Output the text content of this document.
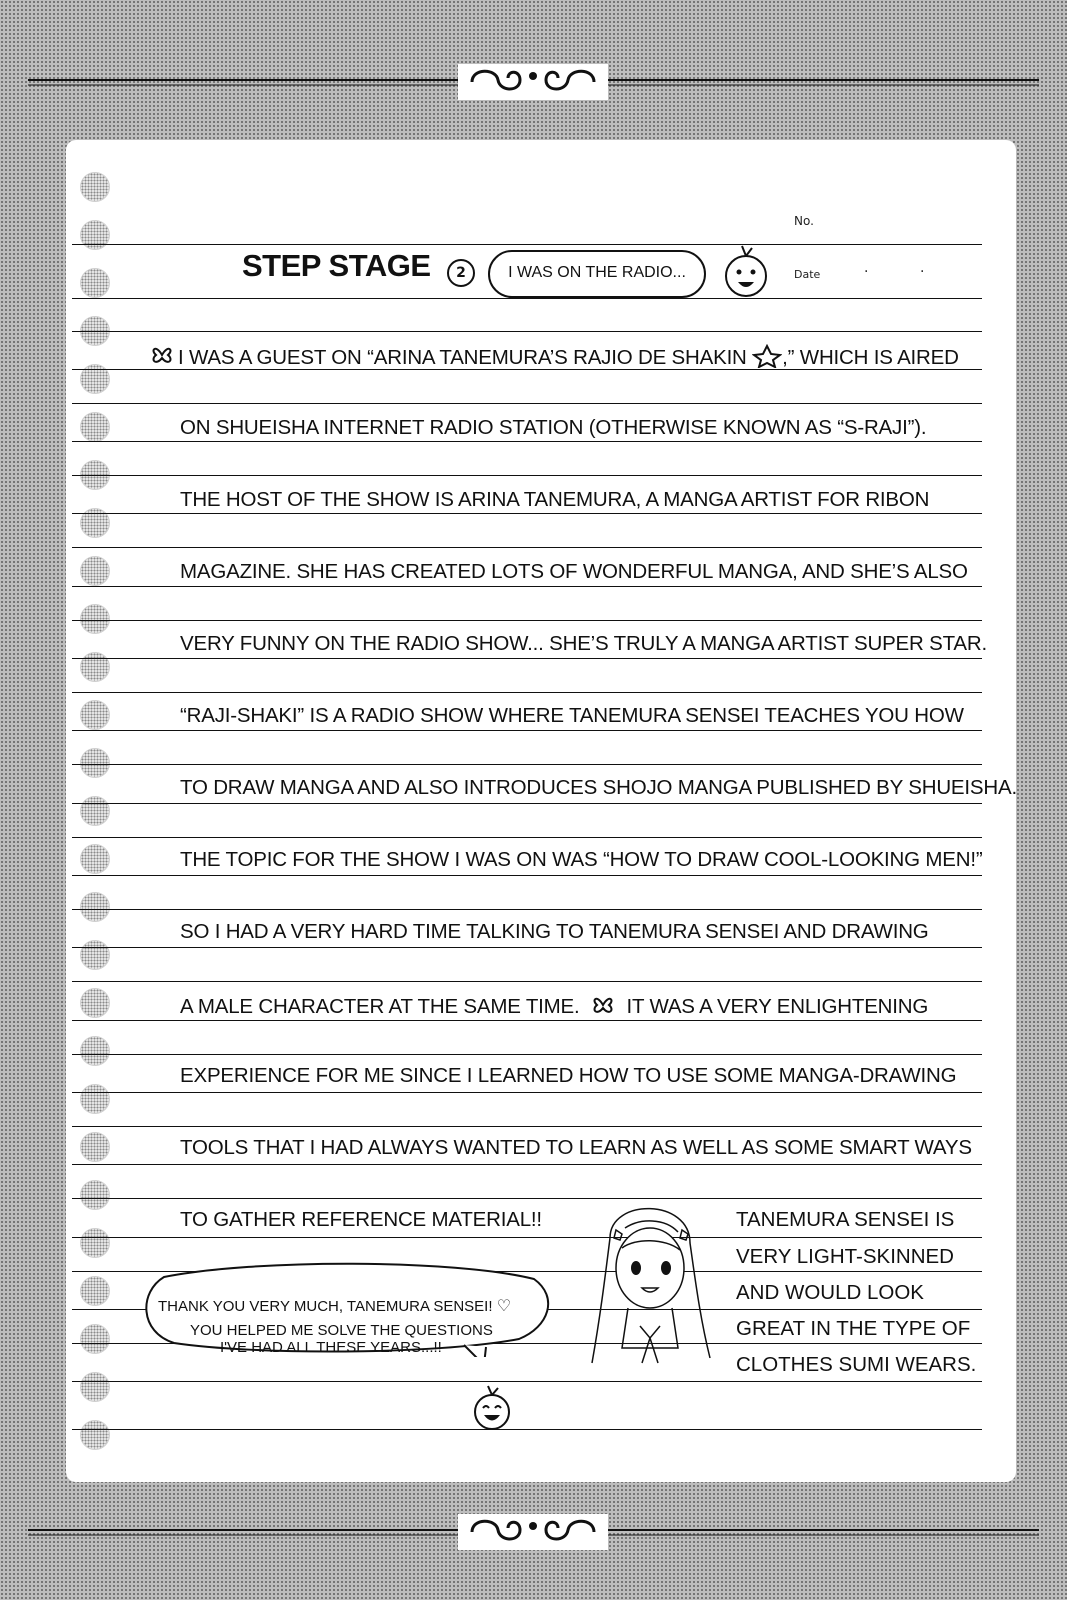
No.
Date	·	·
STEP STAGE	2	I WAS ON THE RADIO...
I WAS A GUEST ON “ARINA TANEMURA’S RAJIO DE SHAKIN ,” WHICH IS AIRED
ON SHUEISHA INTERNET RADIO STATION (OTHERWISE KNOWN AS “S-RAJI”).
THE HOST OF THE SHOW IS ARINA TANEMURA, A MANGA ARTIST FOR RIBON
MAGAZINE. SHE HAS CREATED LOTS OF WONDERFUL MANGA, AND SHE’S ALSO
VERY FUNNY ON THE RADIO SHOW... SHE’S TRULY A MANGA ARTIST SUPER STAR.
“RAJI-SHAKI” IS A RADIO SHOW WHERE TANEMURA SENSEI TEACHES YOU HOW
TO DRAW MANGA AND ALSO INTRODUCES SHOJO MANGA PUBLISHED BY SHUEISHA.
THE TOPIC FOR THE SHOW I WAS ON WAS “HOW TO DRAW COOL-LOOKING MEN!”
SO I HAD A VERY HARD TIME TALKING TO TANEMURA SENSEI AND DRAWING
A MALE CHARACTER AT THE SAME TIME. IT WAS A VERY ENLIGHTENING
EXPERIENCE FOR ME SINCE I LEARNED HOW TO USE SOME MANGA-DRAWING
TOOLS THAT I HAD ALWAYS WANTED TO LEARN AS WELL AS SOME SMART WAYS
TO GATHER REFERENCE MATERIAL!!	TANEMURA SENSEI IS
VERY LIGHT-SKINNED
AND WOULD LOOK
GREAT IN THE TYPE OF
CLOTHES SUMI WEARS.
THANK YOU VERY MUCH, TANEMURA SENSEI! ♡
YOU HELPED ME SOLVE THE QUESTIONS
I'VE HAD ALL THESE YEARS...!!
